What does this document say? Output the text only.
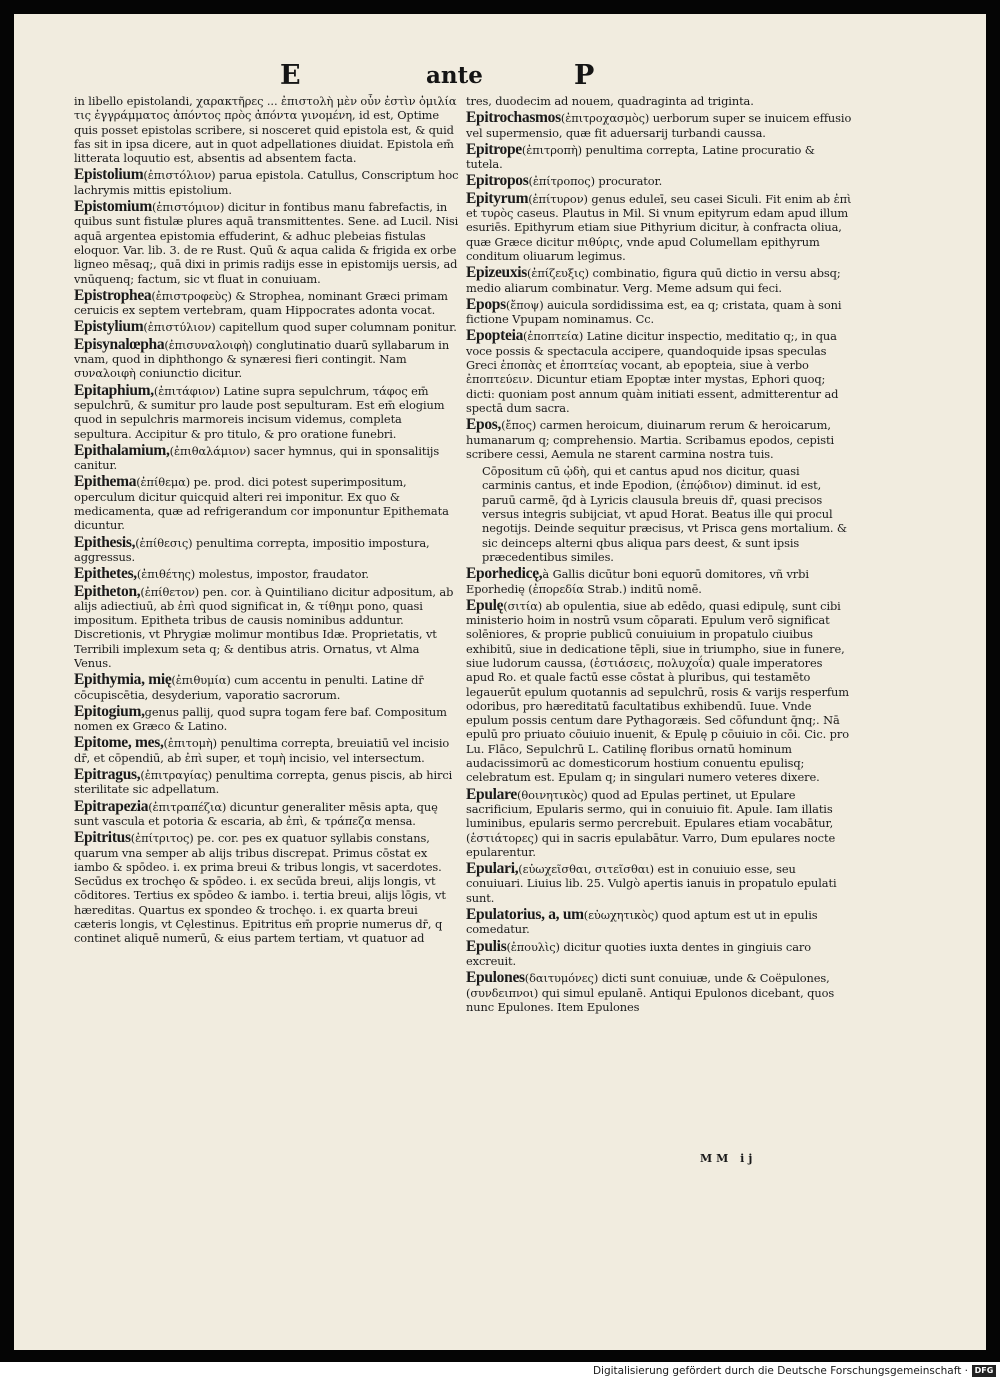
E	ante	P

in libello epistolandi, χαρακτῆρες ... ἐπιστολὴ μὲν οὖν ἐστὶν ὁμιλία τις ἐγγράμματος ἀπόντος πρὸς ἀπόντα γινομένη, id est, Optime quis posset epistolas scribere, si nosceret quid epistola est, & quid fas sit in ipsa dicere, aut in quot adpellationes diuidat. Epistola em̄ litterata loquutio est, absentis ad absentem facta.

Epistolium(ἐπιστόλιον) parua epistola. Catullus, Conscriptum hoc lachrymis mittis epistolium.

Epistomium(ἐπιστόμιον) dicitur in fontibus manu fabrefactis, in quibus sunt fistulæ plures aquā transmittentes. Sene. ad Lucil. Nisi aquā argentea epistomia effuderint, & adhuc plebeias fistulas eloquor. Var. lib. 3. de re Rust. Quū & aqua calida & frigida ex orbe ligneo mēsaq;, quā dixi in primis radijs esse in epistomijs uersis, ad vnūquenq; factum, sic vt fluat in conuiuam.

Epistrophea(ἐπιστροφεὺς) & Strophea, nominant Græci primam ceruicis ex septem vertebram, quam Hippocrates adonta vocat.

Epistylium(ἐπιστύλιον) capitellum quod super columnam ponitur.

Episynalœpha(ἐπισυναλοιφὴ) conglutinatio duarū syllabarum in vnam, quod in diphthongo & synæresi fieri contingit. Nam συναλοιφὴ coniunctio dicitur.

Epitaphium,(ἐπιτάφιον) Latine supra sepulchrum, τάφος em̄ sepulchrū, & sumitur pro laude post sepulturam. Est em̄ elogium quod in sepulchris marmoreis incisum videmus, completa sepultura. Accipitur & pro titulo, & pro oratione funebri.

Epithalamium,(ἐπιθαλάμιον) sacer hymnus, qui in sponsalitijs canitur.

Epithema(ἐπίθεμα) pe. prod. dici potest superimpositum, operculum dicitur quicquid alteri rei imponitur. Ex quo & medicamenta, quæ ad refrigerandum cor imponuntur Epithemata dicuntur.

Epithesis,(ἐπίθεσις) penultima correpta, impositio impostura, aggressus.

Epithetes,(ἐπιθέτης) molestus, impostor, fraudator.

Epitheton,(ἐπίθετον) pen. cor. à Quintiliano dicitur adpositum, ab alijs adiectiuū, ab ἐπὶ quod significat in, & τίθημι pono, quasi impositum. Epitheta tribus de causis nominibus adduntur. Discretionis, vt Phrygiæ molimur montibus Idæ. Proprietatis, vt Terribili implexum seta q; & dentibus atris. Ornatus, vt Alma Venus.

Epithymia, mię(ἐπιθυμία) cum accentu in penulti. Latine dr̄ cōcupiscētia, desyderium, vaporatio sacrorum.

Epitogium,genus pallij, quod supra togam fere baf. Compositum nomen ex Græco & Latino.

Epitome, mes,(ἐπιτομὴ) penultima correpta, breuiatiū vel incisio dr̄, et cōpendiū, ab ἐπὶ super, et τομὴ incisio, vel intersectum.

Epitragus,(ἐπιτραγίας) penultima correpta, genus piscis, ab hirci sterilitate sic adpellatum.

Epitrapezia(ἐπιτραπέζια) dicuntur generaliter mēsis apta, quę sunt vascula et potoria & escaria, ab ἐπὶ, & τράπεζα mensa.

Epitritus(ἐπίτριτος) pe. cor. pes ex quatuor syllabis constans, quarum vna semper ab alijs tribus discrepat. Primus cōstat ex iambo & spōdeo. i. ex prima breui & tribus longis, vt sacerdotes. Secūdus ex trochęo & spōdeo. i. ex secūda breui, alijs longis, vt cōditores. Tertius ex spōdeo & iambo. i. tertia breui, alijs lōgis, vt hæreditas. Quartus ex spondeo & trochęo. i. ex quarta breui cæteris longis, vt Cęlestinus. Epitritus em̄ proprie numerus dr̄, q continet aliquē numerū, & eius partem tertiam, vt quatuor ad

tres, duodecim ad nouem, quadraginta ad triginta.

Epitrochasmos(ἐπιτροχασμὸς) uerborum super se inuicem effusio vel supermensio, quæ fit aduersarij turbandi caussa.

Epitrope(ἐπιτροπὴ) penultima correpta, Latine procuratio & tutela.

Epitropos(ἐπίτροπος) procurator.

Epityrum(ἐπίτυρον) genus eduleī, seu casei Siculi. Fit enim ab ἐπὶ et τυρὸς caseus. Plautus in Mil. Si vnum epityrum edam apud illum esuriēs. Epithyrum etiam siue Pithyrium dicitur, à confracta oliua, quæ Græce dicitur πιθύρις, vnde apud Columellam epithyrum conditum oliuarum legimus.

Epizeuxis(ἐπίζευξις) combinatio, figura quū dictio in versu absq; medio aliarum combinatur. Verg. Meme adsum qui feci.

Epops(ἔποψ) auicula sordidissima est, ea q; cristata, quam à soni fictione Vpupam nominamus. Cc.

Epopteia(ἐποπτεία) Latine dicitur inspectio, meditatio q;, in qua voce possis & spectacula accipere, quandoquide ipsas speculas Greci ἐποπὰς et ἐποπτείας vocant, ab epopteia, siue à verbo ἐποπτεύειν. Dicuntur etiam Epoptæ inter mystas, Ephori quoq; dicti: quoniam post annum quàm initiati essent, admitterentur ad spectā dum sacra.

Epos,(ἔπος) carmen heroicum, diuinarum rerum & heroicarum, humanarum q; comprehensio. Martia. Scribamus epodos, cepisti scribere cessi, Aemula ne starent carmina nostra tuis.

Cōpositum cū ᾠδὴ, qui et cantus apud nos dicitur, quasi carminis cantus, et inde Epodion, (ἐπῴδιον) diminut. id est, paruū carmē, q̄d à Lyricis clausula breuis dr̄, quasi precisos versus integris subijciat, vt apud Horat. Beatus ille qui procul negotijs. Deinde sequitur præcisus, vt Prisca gens mortalium. & sic deinceps alterni qbus aliqua pars deest, & sunt ipsis præcedentibus similes.

Eporhedicę,à Gallis dicūtur boni equorū domitores, vñ vrbi Eporhedię (ἐπορεδία Strab.) inditū nomē.

Epulę(σιτία) ab opulentia, siue ab edēdo, quasi edipulę, sunt cibi ministerio hoim in nostrū vsum cōparati. Epulum verō significat solēniores, & proprie publicū conuiuium in propatulo ciuibus exhibitū, siue in dedicatione tēpli, siue in triumpho, siue in funere, siue ludorum caussa, (ἑστιάσεις, πολυχοΐα) quale imperatores apud Ro. et quale factū esse cōstat à pluribus, qui testamēto legauerūt epulum quotannis ad sepulchrū, rosis & varijs resperfum odoribus, pro hæreditatū facultatibus exhibendū. Iuue. Vnde epulum possis centum dare Pythagoræis. Sed cōfundunt q̄nq;. Nā epulū pro priuato cōuiuio inuenit, & Epulę p cōuiuio in cōi. Cic. pro Lu. Flāco, Sepulchrū L. Catilinę floribus ornatū hominum audacissimorū ac domesticorum hostium conuentu epulisq; celebratum est. Epulam q; in singulari numero veteres dixere.

Epulare(θοινητικὸς) quod ad Epulas pertinet, ut Epulare sacrificium, Epularis sermo, qui in conuiuio fit. Apule. Iam illatis luminibus, epularis sermo percrebuit. Epulares etiam vocabātur, (ἑστιάτορες) qui in sacris epulabātur. Varro, Dum epulares nocte epularentur.

Epulari,(εὐωχεῖσθαι, σιτεῖσθαι) est in conuiuio esse, seu conuiuari. Liuius lib. 25. Vulgò apertis ianuis in propatulo epulati sunt.

Epulatorius, a, um(εὐωχητικὸς) quod aptum est ut in epulis comedatur.

Epulis(ἐπουλὶς) dicitur quoties iuxta dentes in gingiuis caro excreuit.

Epulones(δαιτυμόνες) dicti sunt conuiuæ, unde & Coëpulones, (συνδειπνοι) qui simul epulanē. Antiqui Epulonos dicebant, quos nunc Epulones. Item Epulones

MM ij
Digitalisierung gefördert durch die Deutsche Forschungsgemeinschaft · DFG
